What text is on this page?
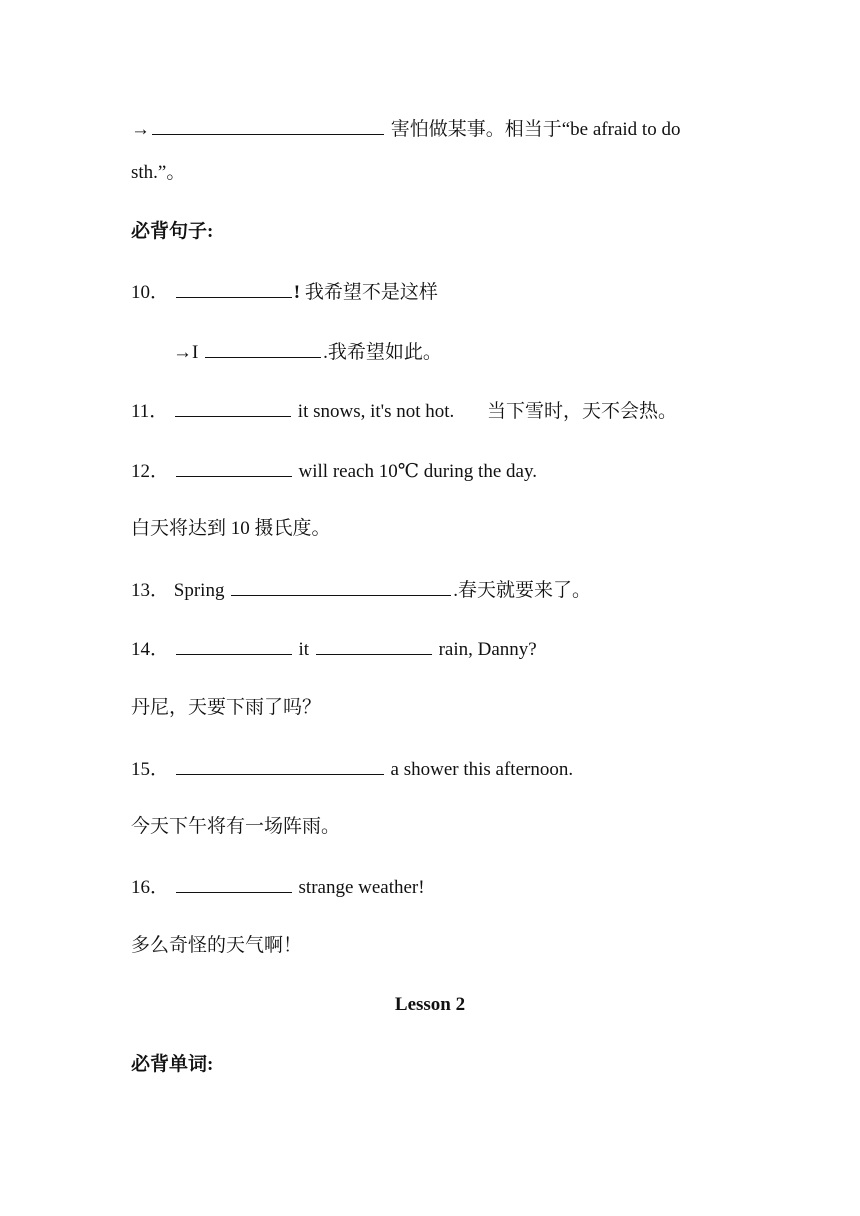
→	害怕做某事。相当于“be afraid to do
sth.”。
必背句子:
10．	! 我希望不是这样
→I	.我希望如此。
11．	it snows, it's not hot. 当下雪时，天不会热。
12．	will reach 10℃ during the day.
白天将达到 10 摄氏度。
13． Spring	.春天就要来了。
14．	it	rain, Danny?
丹尼，天要下雨了吗？
15．	a shower this afternoon.
今天下午将有一场阵雨。
16．	strange weather!
多么奇怪的天气啊！
Lesson 2
必背单词:
